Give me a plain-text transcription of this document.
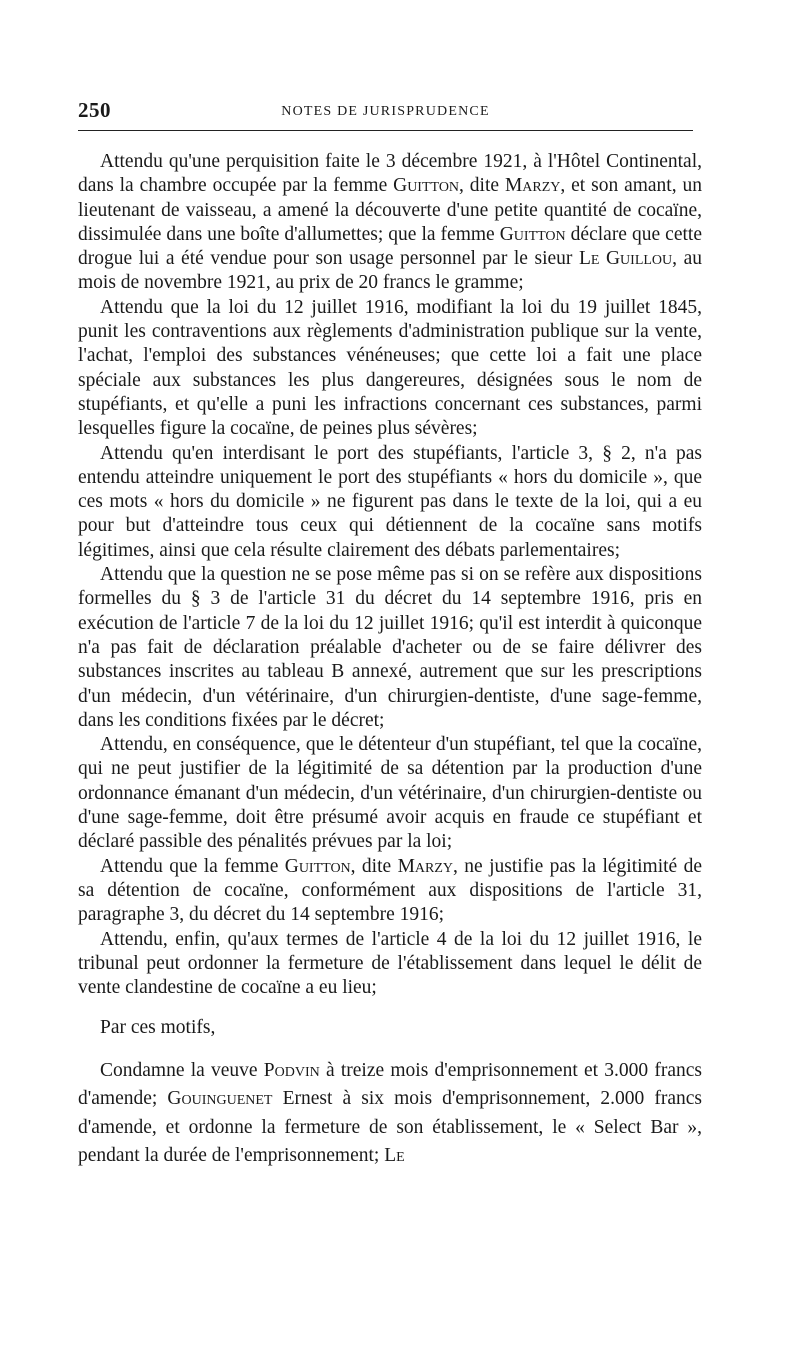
250	NOTES DE JURISPRUDENCE

Attendu qu'une perquisition faite le 3 décembre 1921, à l'Hôtel Continental, dans la chambre occupée par la femme Guitton, dite Marzy, et son amant, un lieutenant de vaisseau, a amené la découverte d'une petite quantité de cocaïne, dissimulée dans une boîte d'allumettes; que la femme Guitton déclare que cette drogue lui a été vendue pour son usage personnel par le sieur Le Guillou, au mois de novembre 1921, au prix de 20 francs le gramme;

Attendu que la loi du 12 juillet 1916, modifiant la loi du 19 juillet 1845, punit les contraventions aux règlements d'administration publique sur la vente, l'achat, l'emploi des substances vénéneuses; que cette loi a fait une place spéciale aux substances les plus dangereures, désignées sous le nom de stupéfiants, et qu'elle a puni les infractions concernant ces substances, parmi lesquelles figure la cocaïne, de peines plus sévères;

Attendu qu'en interdisant le port des stupéfiants, l'article 3, § 2, n'a pas entendu atteindre uniquement le port des stupéfiants « hors du domicile », que ces mots « hors du domicile » ne figurent pas dans le texte de la loi, qui a eu pour but d'atteindre tous ceux qui détiennent de la cocaïne sans motifs légitimes, ainsi que cela résulte clairement des débats parlementaires;

Attendu que la question ne se pose même pas si on se refère aux dispositions formelles du § 3 de l'article 31 du décret du 14 septembre 1916, pris en exécution de l'article 7 de la loi du 12 juillet 1916; qu'il est interdit à quiconque n'a pas fait de déclaration préalable d'acheter ou de se faire délivrer des substances inscrites au tableau B annexé, autrement que sur les prescriptions d'un médecin, d'un vétérinaire, d'un chirurgien-dentiste, d'une sage-femme, dans les conditions fixées par le décret;

Attendu, en conséquence, que le détenteur d'un stupéfiant, tel que la cocaïne, qui ne peut justifier de la légitimité de sa détention par la production d'une ordonnance émanant d'un médecin, d'un vétérinaire, d'un chirurgien-dentiste ou d'une sage-femme, doit être présumé avoir acquis en fraude ce stupéfiant et déclaré passible des pénalités prévues par la loi;

Attendu que la femme Guitton, dite Marzy, ne justifie pas la légitimité de sa détention de cocaïne, conformément aux dispositions de l'article 31, paragraphe 3, du décret du 14 septembre 1916;

Attendu, enfin, qu'aux termes de l'article 4 de la loi du 12 juillet 1916, le tribunal peut ordonner la fermeture de l'établissement dans lequel le délit de vente clandestine de cocaïne a eu lieu;

Par ces motifs,

Condamne la veuve Podvin à treize mois d'emprisonnement et 3.000 francs d'amende; Gouinguenet Ernest à six mois d'emprisonnement, 2.000 francs d'amende, et ordonne la fermeture de son établissement, le « Select Bar », pendant la durée de l'emprisonnement; Le
